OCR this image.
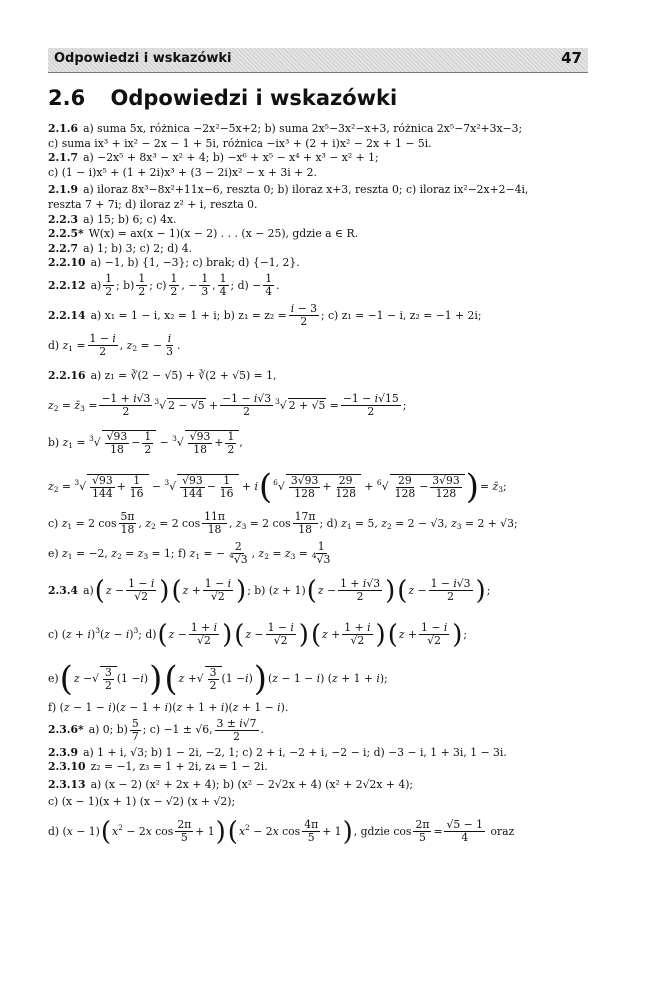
Odpowiedzi i wskazówki	47
2.6 Odpowiedzi i wskazówki
2.1.6 a) suma 5x, różnica −2x²−5x+2; b) suma 2x⁵−3x²−x+3, różnica 2x⁵−7x²+3x−3;
c) suma ix³ + ix² − 2x − 1 + 5i, różnica −ix³ + (2 + i)x² − 2x + 1 − 5i.
2.1.7 a) −2x⁵ + 8x³ − x² + 4; b) −x⁶ + x⁵ − x⁴ + x³ − x² + 1;
c) (1 − i)x⁵ + (1 + 2i)x³ + (3 − 2i)x² − x + 3i + 2.
2.1.9 a) iloraz 8x³−8x²+11x−6, reszta 0; b) iloraz x+3, reszta 0; c) iloraz ix²−2x+2−4i,
reszta 7 + 7i; d) iloraz z² + i, reszta 0.
2.2.3 a) 15; b) 6; c) 4x.
2.2.5* W(x) = ax(x − 1)(x − 2) . . . (x − 25), gdzie a ∈ R.
2.2.7 a) 1; b) 3; c) 2; d) 4.
2.2.10 a) −1, b) {1, −3}; c) brak; d) {−1, 2}.
2.2.12 $a) \frac{1}{2}$ ; $b) \frac{1}{2}$ ; $c) \frac{1}{2}$ , − $\frac{1}{3}$ , $\frac{1}{4}$ ; $d) - \frac{1}{4}$ .
2.2.14 a) x₁ = 1 − i, x₂ = 1 + i; b) $z_1 = z_2 = \frac{i - 3}{2}$ ; c) z₁ = −1 − i, z₂ = −1 + 2i;
d) $z_1 = \frac{1 - i}{2}$ , $z_2$ = − $\frac{i}{3}$ .
2.2.16 a) z₁ = ∛(2 − √5) + ∛(2 + √5) = 1,
$z_2$ = $z̄_3 = \frac{-1 + i√3}{2} ^3√$ $2 - √5 + \frac{-1 - i√3}{2} ^3√$ $2 + √5 = \frac{-1 - i√15}{2}$ ;
b) $z_1 = ^3√ \frac{√93}{18} - \frac{1}{2} - ^3√ \frac{√93}{18} + \frac{1}{2}$ ,
$z_2 = ^3√ \frac{√93}{144} + \frac{1}{16} - ^3√ \frac{√93}{144} - \frac{1}{16} + i$ ( $^6√ \frac{3√93}{128} + \frac{29}{128} + ^6√ \frac{29}{128} - \frac{3√93}{128}$ ) = $z̄_3$;
c) $z_1 = 2$ $\cos \frac{5\pi}{18}$ , $z_2 = 2$ $\cos \frac{11\pi}{18}$ , $z_3 = 2$ $\cos \frac{17\pi}{18}$ ; d) $z_1 = 5$, $z_2 = 2 - √3$, $z_3 = 2 + √3$;
e) $z_1 = -2$, $z_2 = z_3 = 1$; f) $z_1$ = − $\frac{2}{^4√3}$ , $z_2 = z_3 = \frac{1}{^4√3}$
2.3.4 a) ( $z - \frac{1 - i}{√2}$ ) ( $z + \frac{1 - i}{√2}$ ) ; b) (z + 1) ( $z - \frac{1 + i√3}{2}$ ) ( $z - \frac{1 - i√3}{2}$ ) ;
c) $(z + i)^3(z - i)^3$; d) ( $z - \frac{1 + i}{√2}$ ) ( $z - \frac{1 - i}{√2}$ ) ( $z + \frac{1 + i}{√2}$ ) ( $z + \frac{1 - i}{√2}$ ) ;
e) ( z − √ $\frac{3}{2} (1 - i$ ) ) ( z + √ $\frac{3}{2} (1 - i$ ) ) (z − 1 − i) (z + 1 + i);
f) (z − 1 − i)(z − 1 + i)(z + 1 + i)(z + 1 − i).
2.3.6* a) 0; $b) \frac{5}{7}$ ; c) −1 ± √6, $\frac{3 \pm i√7}{2}$ .
2.3.9 a) 1 + i, √3; b) 1 − 2i, −2, 1; c) 2 + i, −2 + i, −2 − i; d) −3 − i, 1 + 3i, 1 − 3i.
2.3.10 z₂ = −1, z₃ = 1 + 2i, z₄ = 1 − 2i.
2.3.13 a) (x − 2) (x² + 2x + 4); b) (x² − 2√2x + 4) (x² + 2√2x + 4);
c) (x − 1)(x + 1) (x − √2) (x + √2);
d) (x − 1) ( $x^2 - 2x$ $\cos \frac{2\pi}{5} + 1$ ) ( $x^2 - 2x$ $\cos \frac{4\pi}{5} + 1$ ) , gdzie $\cos \frac{2\pi}{5} = \frac{√5 - 1}{4}$
oraz
